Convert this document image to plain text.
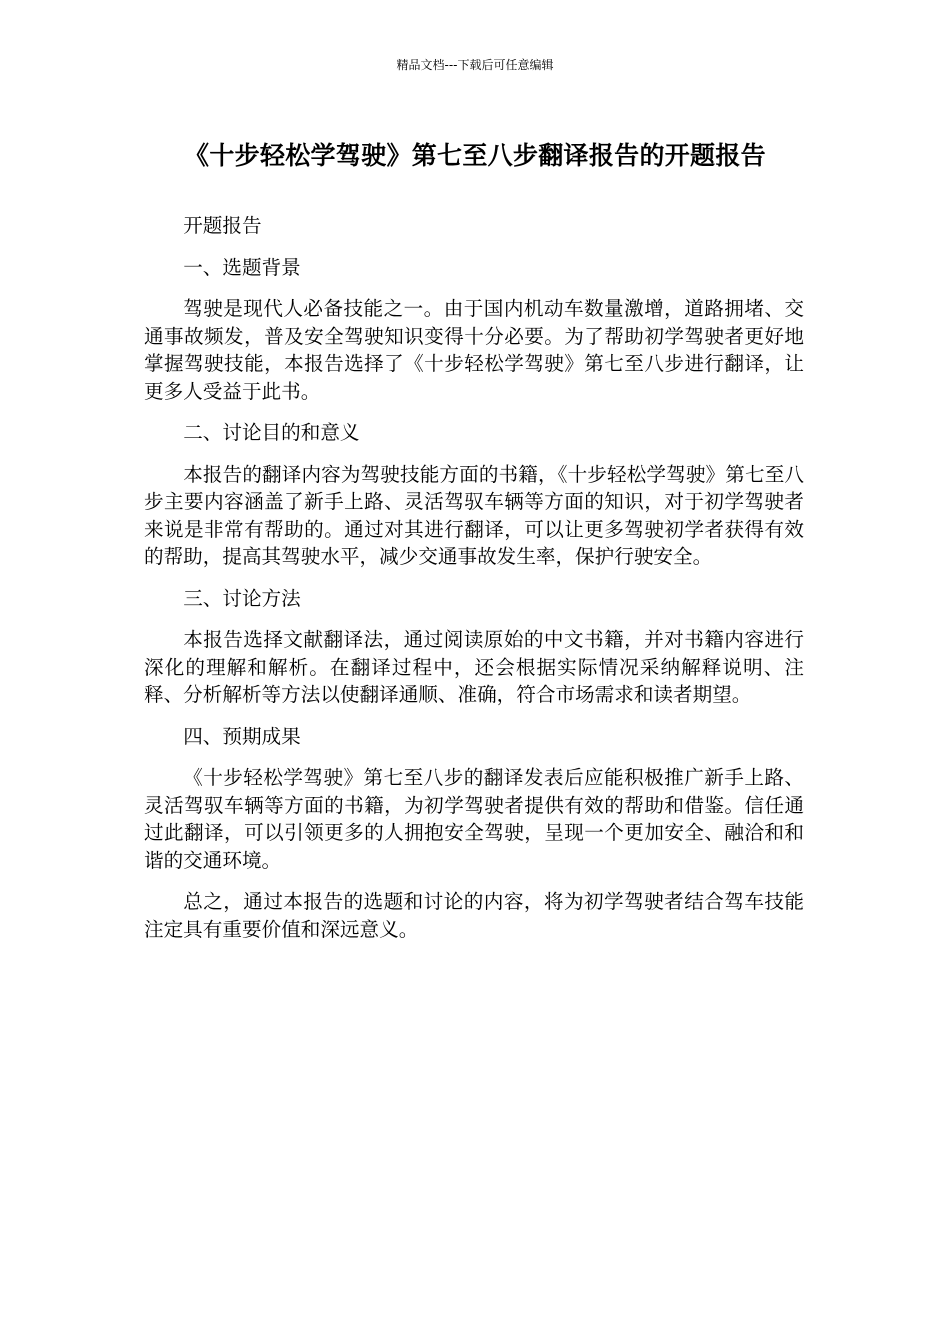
精品文档---下载后可任意编辑
《十步轻松学驾驶》第七至八步翻译报告的开题报告

开题报告

一、选题背景

驾驶是现代人必备技能之一。由于国内机动车数量激增，道路拥堵、交通事故频发，普及安全驾驶知识变得十分必要。为了帮助初学驾驶者更好地掌握驾驶技能，本报告选择了《十步轻松学驾驶》第七至八步进行翻译，让更多人受益于此书。

二、讨论目的和意义

本报告的翻译内容为驾驶技能方面的书籍，《十步轻松学驾驶》第七至八步主要内容涵盖了新手上路、灵活驾驭车辆等方面的知识，对于初学驾驶者来说是非常有帮助的。通过对其进行翻译，可以让更多驾驶初学者获得有效的帮助，提高其驾驶水平，减少交通事故发生率，保护行驶安全。

三、讨论方法

本报告选择文献翻译法，通过阅读原始的中文书籍，并对书籍内容进行深化的理解和解析。在翻译过程中，还会根据实际情况采纳解释说明、注释、分析解析等方法以使翻译通顺、准确，符合市场需求和读者期望。

四、预期成果

《十步轻松学驾驶》第七至八步的翻译发表后应能积极推广新手上路、灵活驾驭车辆等方面的书籍，为初学驾驶者提供有效的帮助和借鉴。信任通过此翻译，可以引领更多的人拥抱安全驾驶，呈现一个更加安全、融洽和和谐的交通环境。

总之，通过本报告的选题和讨论的内容，将为初学驾驶者结合驾车技能注定具有重要价值和深远意义。
